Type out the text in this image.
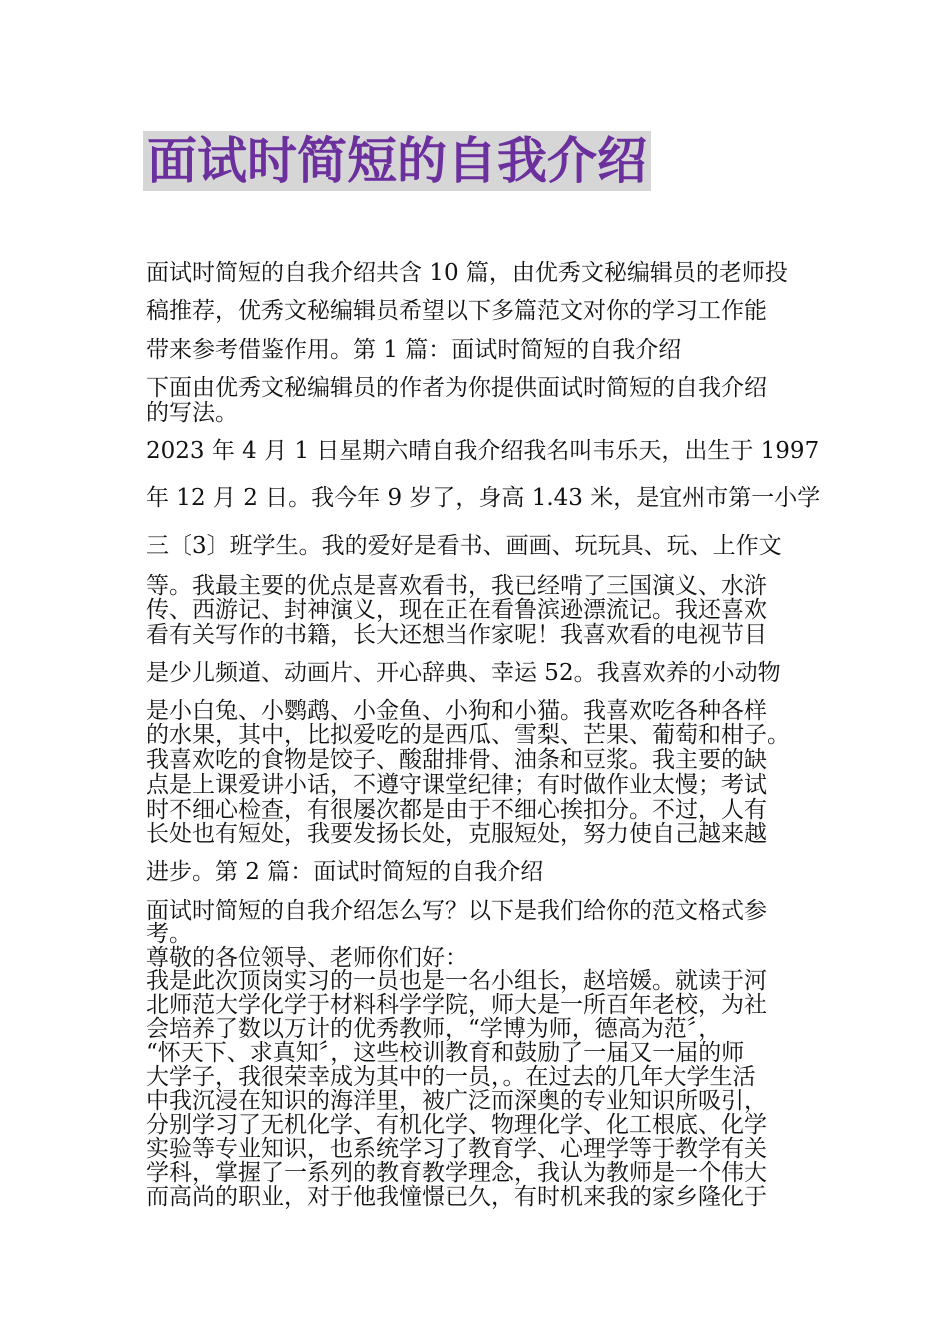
面试时简短的自我介绍
面试时简短的自我介绍共含 10 篇，由优秀文秘编辑员的老师投
稿推荐，优秀文秘编辑员希望以下多篇范文对你的学习工作能
带来参考借鉴作用。第 1 篇：面试时简短的自我介绍
下面由优秀文秘编辑员的作者为你提供面试时简短的自我介绍
的写法。
2023 年 4 月 1 日星期六晴自我介绍我名叫韦乐天，出生于 1997
年 12 月 2 日。我今年 9 岁了，身高 1.43 米，是宜州市第一小学
三〔3〕班学生。我的爱好是看书、画画、玩玩具、玩、上作文
等。我最主要的优点是喜欢看书，我已经啃了三国演义、水浒
传、西游记、封神演义，现在正在看鲁滨逊漂流记。我还喜欢
看有关写作的书籍，长大还想当作家呢！我喜欢看的电视节目
是少儿频道、动画片、开心辞典、幸运 52。我喜欢养的小动物
是小白兔、小鹦鹉、小金鱼、小狗和小猫。我喜欢吃各种各样
的水果，其中，比拟爱吃的是西瓜、雪梨、芒果、葡萄和柑子。
我喜欢吃的食物是饺子、酸甜排骨、油条和豆浆。我主要的缺
点是上课爱讲小话，不遵守课堂纪律；有时做作业太慢；考试
时不细心检查，有很屡次都是由于不细心挨扣分。不过，人有
长处也有短处，我要发扬长处，克服短处，努力使自己越来越
进步。第 2 篇：面试时简短的自我介绍
面试时简短的自我介绍怎么写？以下是我们给你的范文格式参
考。
尊敬的各位领导、老师你们好：
我是此次顶岗实习的一员也是一名小组长，赵培媛。就读于河
北师范大学化学于材料科学学院，师大是一所百年老校，为社
会培养了数以万计的优秀教师，“学博为师，德高为范〞，
“怀天下、求真知〞，这些校训教育和鼓励了一届又一届的师
大学子，我很荣幸成为其中的一员，。在过去的几年大学生活
中我沉浸在知识的海洋里，被广泛而深奥的专业知识所吸引，
分别学习了无机化学、有机化学、物理化学、化工根底、化学
实验等专业知识，也系统学习了教育学、心理学等于教学有关
学科，掌握了一系列的教育教学理念，我认为教师是一个伟大
而高尚的职业，对于他我憧憬已久，有时机来我的家乡隆化于
